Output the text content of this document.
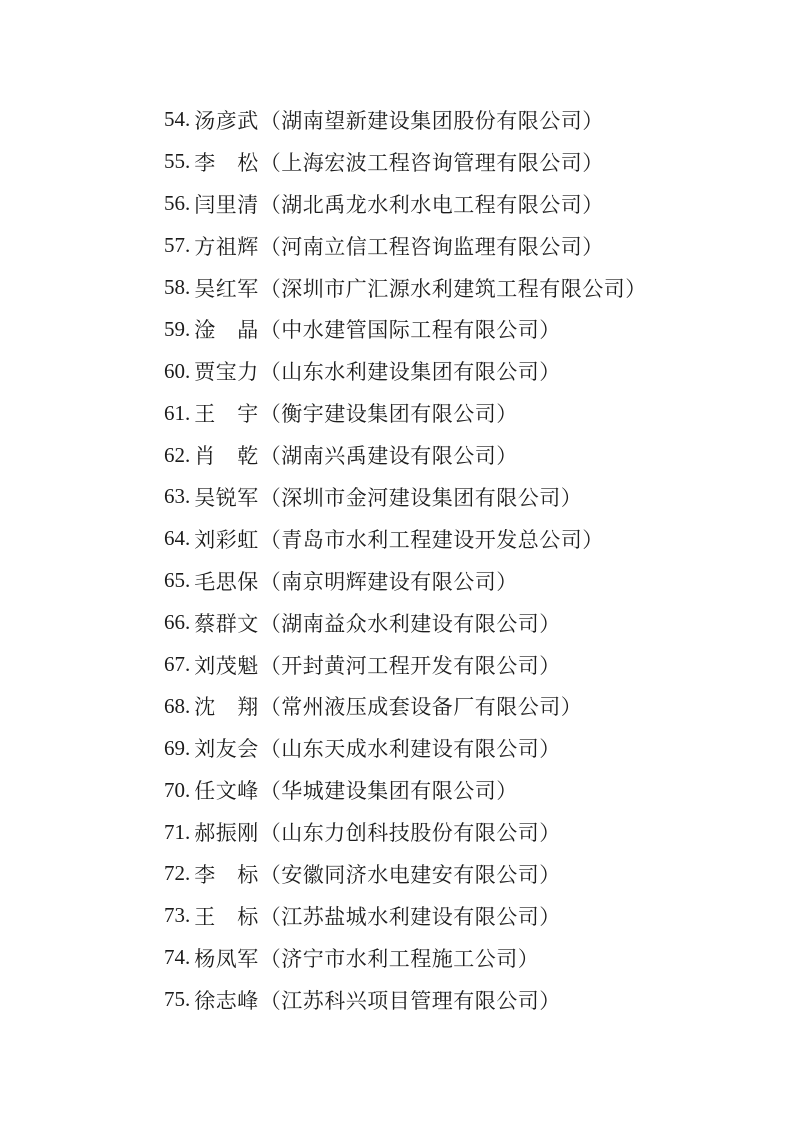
54. 汤彦武 （湖南望新建设集团股份有限公司）
55. 李　松 （上海宏波工程咨询管理有限公司）
56. 闫里清 （湖北禹龙水利水电工程有限公司）
57. 方祖辉 （河南立信工程咨询监理有限公司）
58. 吴红军 （深圳市广汇源水利建筑工程有限公司）
59. 淦　晶 （中水建管国际工程有限公司）
60. 贾宝力 （山东水利建设集团有限公司）
61. 王　宇 （衡宇建设集团有限公司）
62. 肖　乾 （湖南兴禹建设有限公司）
63. 吴锐军 （深圳市金河建设集团有限公司）
64. 刘彩虹 （青岛市水利工程建设开发总公司）
65. 毛思保 （南京明辉建设有限公司）
66. 蔡群文 （湖南益众水利建设有限公司）
67. 刘茂魁 （开封黄河工程开发有限公司）
68. 沈　翔 （常州液压成套设备厂有限公司）
69. 刘友会 （山东天成水利建设有限公司）
70. 任文峰 （华城建设集团有限公司）
71. 郝振刚 （山东力创科技股份有限公司）
72. 李　标 （安徽同济水电建安有限公司）
73. 王　标 （江苏盐城水利建设有限公司）
74. 杨凤军 （济宁市水利工程施工公司）
75. 徐志峰 （江苏科兴项目管理有限公司）
